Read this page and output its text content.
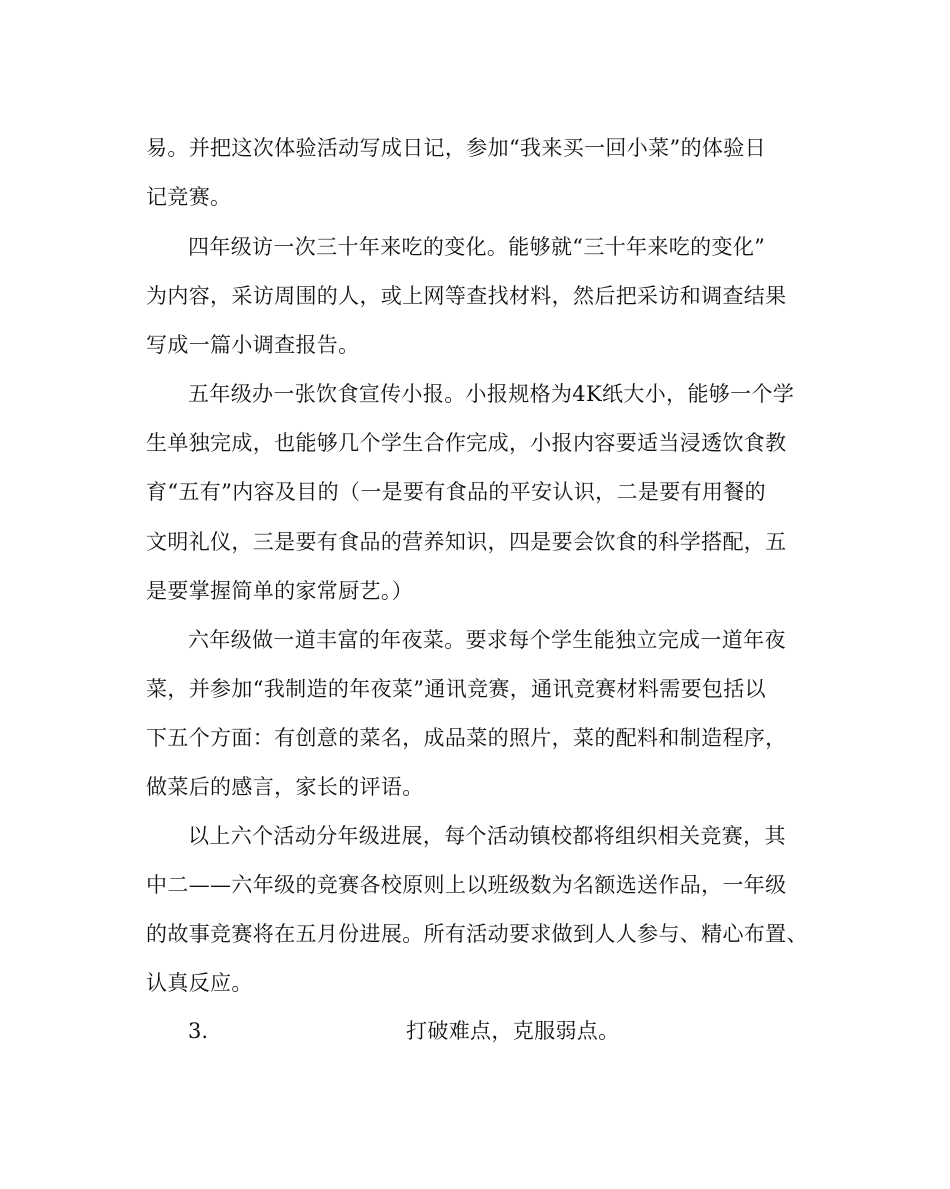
易。并把这次体验活动写成日记，参加“我来买一回小菜”的体验日
记竞赛。
四年级访一次三十年来吃的变化。能够就“三十年来吃的变化”
为内容，采访周围的人，或上网等查找材料，然后把采访和调查结果
写成一篇小调查报告。
五年级办一张饮食宣传小报。小报规格为4K纸大小，能够一个学
生单独完成，也能够几个学生合作完成，小报内容要适当浸透饮食教
育“五有”内容及目的（一是要有食品的平安认识，二是要有用餐的
文明礼仪，三是要有食品的营养知识，四是要会饮食的科学搭配，五
是要掌握简单的家常厨艺。）
六年级做一道丰富的年夜菜。要求每个学生能独立完成一道年夜
菜，并参加“我制造的年夜菜”通讯竞赛，通讯竞赛材料需要包括以
下五个方面：有创意的菜名，成品菜的照片，菜的配料和制造程序，
做菜后的感言，家长的评语。
以上六个活动分年级进展，每个活动镇校都将组织相关竞赛，其
中二——六年级的竞赛各校原则上以班级数为名额选送作品，一年级
的故事竞赛将在五月份进展。所有活动要求做到人人参与、精心布置、
认真反应。
3.	打破难点，克服弱点。
